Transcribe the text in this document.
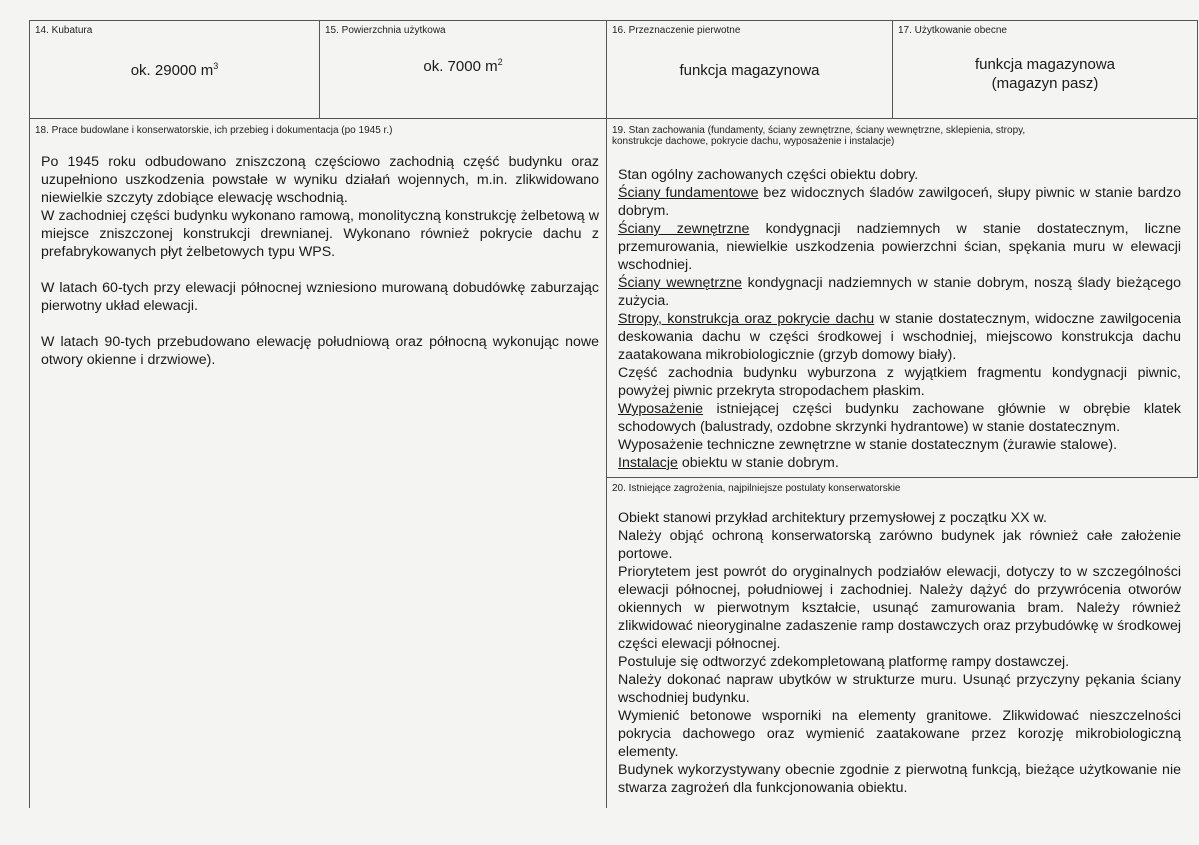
14. Kubatura
ok. 29000 $m^3$
15. Powierzchnia użytkowa
ok. 7000 $m^2$
16. Przeznaczenie pierwotne
funkcja magazynowa
17. Użytkowanie obecne
funkcja magazynowa
(magazyn pasz)
18. Prace budowlane i konserwatorskie, ich przebieg i dokumentacja (po 1945 r.)

Po 1945 roku odbudowano zniszczoną częściowo zachodnią część budynku oraz uzupełniono uszkodzenia powstałe w wyniku działań wojennych, m.in. zlikwidowano niewielkie szczyty zdobiące elewację wschodnią.

W zachodniej części budynku wykonano ramową, monolityczną konstrukcję żelbetową w miejsce zniszczonej konstrukcji drewnianej. Wykonano również pokrycie dachu z prefabrykowanych płyt żelbetowych typu WPS.

W latach 60-tych przy elewacji północnej wzniesiono murowaną dobudówkę zaburzając pierwotny układ elewacji.

W latach 90-tych przebudowano elewację południową oraz północną wykonując nowe otwory okienne i drzwiowe).

19. Stan zachowania (fundamenty, ściany zewnętrzne, ściany wewnętrzne, sklepienia, stropy,
konstrukcje dachowe, pokrycie dachu, wyposażenie i instalacje)

Stan ogólny zachowanych części obiektu dobry.

Ściany fundamentowe bez widocznych śladów zawilgoceń, słupy piwnic w stanie bardzo dobrym.

Ściany zewnętrzne kondygnacji nadziemnych w stanie dostatecznym, liczne przemurowania, niewielkie uszkodzenia powierzchni ścian, spękania muru w elewacji wschodniej.

Ściany wewnętrzne kondygnacji nadziemnych w stanie dobrym, noszą ślady bieżącego zużycia.

Stropy, konstrukcja oraz pokrycie dachu w stanie dostatecznym, widoczne zawilgocenia deskowania dachu w części środkowej i wschodniej, miejscowo konstrukcja dachu zaatakowana mikrobiologicznie (grzyb domowy biały).

Część zachodnia budynku wyburzona z wyjątkiem fragmentu kondygnacji piwnic, powyżej piwnic przekryta stropodachem płaskim.

Wyposażenie istniejącej części budynku zachowane głównie w obrębie klatek schodowych (balustrady, ozdobne skrzynki hydrantowe) w stanie dostatecznym.

Wyposażenie techniczne zewnętrzne w stanie dostatecznym (żurawie stalowe).

Instalacje obiektu w stanie dobrym.

20. Istniejące zagrożenia, najpilniejsze postulaty konserwatorskie

Obiekt stanowi przykład architektury przemysłowej z początku XX w.

Należy objąć ochroną konserwatorską zarówno budynek jak również całe założenie portowe.

Priorytetem jest powrót do oryginalnych podziałów elewacji, dotyczy to w szczególności elewacji północnej, południowej i zachodniej. Należy dążyć do przywrócenia otworów okiennych w pierwotnym kształcie, usunąć zamurowania bram. Należy również zlikwidować nieoryginalne zadaszenie ramp dostawczych oraz przybudówkę w środkowej części elewacji północnej.

Postuluje się odtworzyć zdekompletowaną platformę rampy dostawczej.

Należy dokonać napraw ubytków w strukturze muru. Usunąć przyczyny pękania ściany wschodniej budynku.

Wymienić betonowe wsporniki na elementy granitowe. Zlikwidować nieszczelności pokrycia dachowego oraz wymienić zaatakowane przez korozję mikrobiologiczną elementy.

Budynek wykorzystywany obecnie zgodnie z pierwotną funkcją, bieżące użytkowanie nie stwarza zagrożeń dla funkcjonowania obiektu.
